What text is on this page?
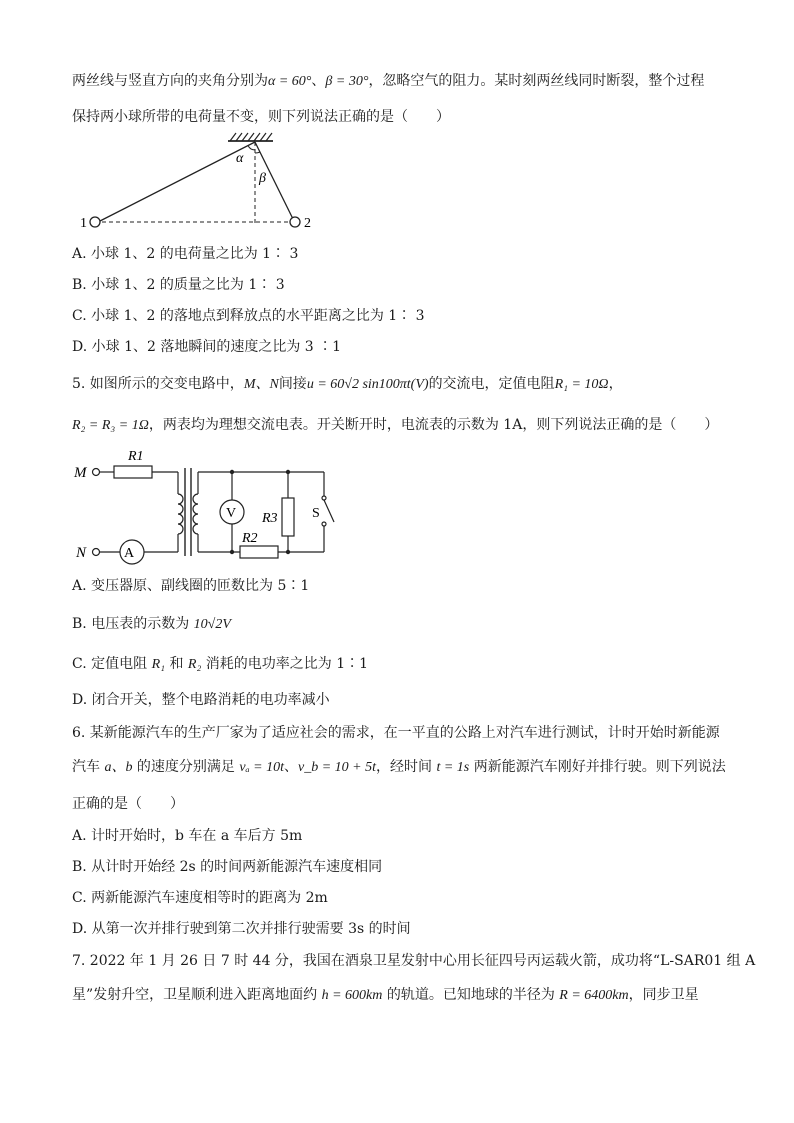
两丝线与竖直方向的夹角分别为α = 60°、β = 30°，忽略空气的阻力。某时刻两丝线同时断裂，整个过程
保持两小球所带的电荷量不变，则下列说法正确的是（　　）
α
β
1	2
A. 小球 1、2 的电荷量之比为 1∶ 3
B. 小球 1、2 的质量之比为 1∶ 3
C. 小球 1、2 的落地点到释放点的水平距离之比为 1∶ 3
D. 小球 1、2 落地瞬间的速度之比为 3 ∶1
5. 如图所示的交变电路中，M、N间接u = 60√2 sin100πt(V)的交流电，定值电阻R₁ = 10Ω，
R₂ = R₃ = 1Ω，两表均为理想交流电表。开关断开时，电流表的示数为 1A，则下列说法正确的是（　　）
M
N	A
V
R1
R2
R3 S
A. 变压器原、副线圈的匝数比为 5∶1
B. 电压表的示数为 10√2V
C. 定值电阻 R₁ 和 R₂ 消耗的电功率之比为 1∶1
D. 闭合开关，整个电路消耗的电功率减小
6. 某新能源汽车的生产厂家为了适应社会的需求，在一平直的公路上对汽车进行测试，计时开始时新能源
汽车 a、b 的速度分别满足 vₐ = 10t、v_b = 10 + 5t，经时间 t = 1s 两新能源汽车刚好并排行驶。则下列说法
正确的是（　　）
A. 计时开始时，b 车在 a 车后方 5m
B. 从计时开始经 2s 的时间两新能源汽车速度相同
C. 两新能源汽车速度相等时的距离为 2m
D. 从第一次并排行驶到第二次并排行驶需要 3s 的时间
7. 2022 年 1 月 26 日 7 时 44 分，我国在酒泉卫星发射中心用长征四号丙运载火箭，成功将“L-SAR01 组 A
星”发射升空，卫星顺利进入距离地面约 h = 600km 的轨道。已知地球的半径为 R = 6400km，同步卫星
